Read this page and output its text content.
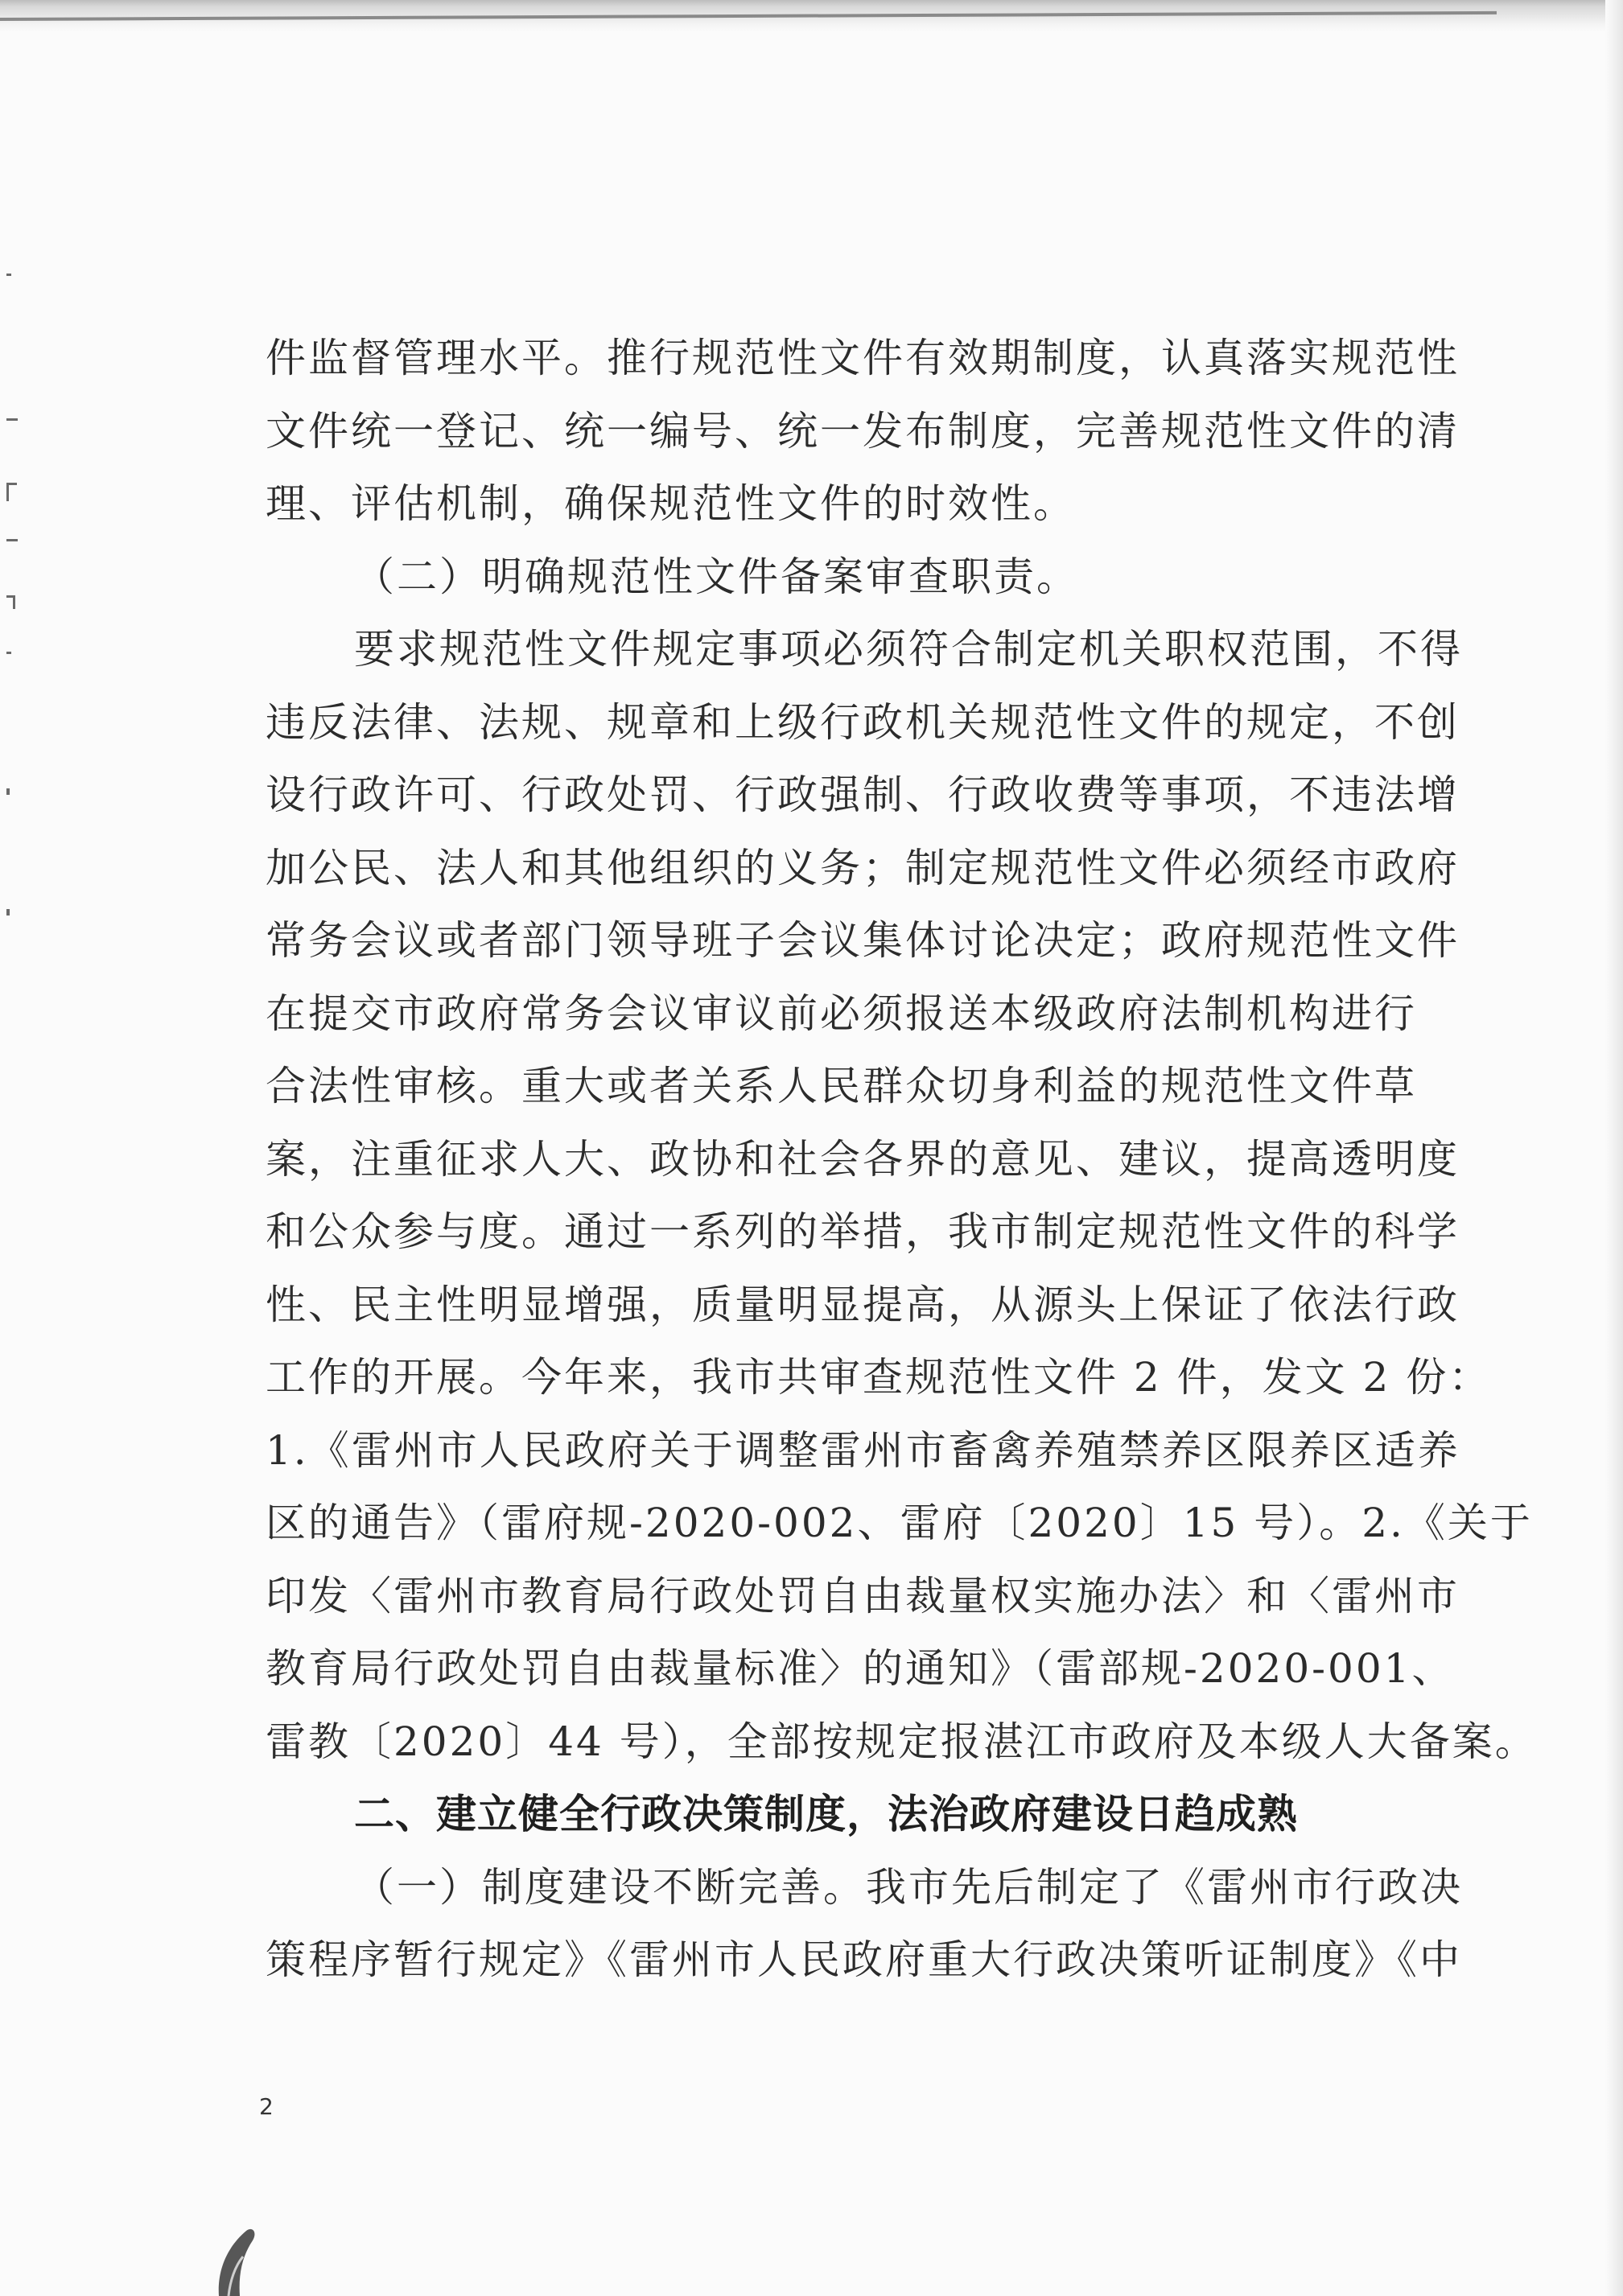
件监督管理水平。推行规范性文件有效期制度，认真落实规范性
文件统一登记、统一编号、统一发布制度，完善规范性文件的清
理、评估机制，确保规范性文件的时效性。
（二）明确规范性文件备案审查职责。
要求规范性文件规定事项必须符合制定机关职权范围，不得
违反法律、法规、规章和上级行政机关规范性文件的规定，不创
设行政许可、行政处罚、行政强制、行政收费等事项，不违法增
加公民、法人和其他组织的义务；制定规范性文件必须经市政府
常务会议或者部门领导班子会议集体讨论决定；政府规范性文件
在提交市政府常务会议审议前必须报送本级政府法制机构进行
合法性审核。重大或者关系人民群众切身利益的规范性文件草
案，注重征求人大、政协和社会各界的意见、建议，提高透明度
和公众参与度。通过一系列的举措，我市制定规范性文件的科学
性、民主性明显增强，质量明显提高，从源头上保证了依法行政
工作的开展。今年来，我市共审查规范性文件 2 件，发文 2 份：
1.《雷州市人民政府关于调整雷州市畜禽养殖禁养区限养区适养
区的通告》（雷府规-2020-002、雷府〔2020〕15 号）。2.《关于
印发〈雷州市教育局行政处罚自由裁量权实施办法〉和〈雷州市
教育局行政处罚自由裁量标准〉的通知》（雷部规-2020-001、
雷教〔2020〕44 号），全部按规定报湛江市政府及本级人大备案。
二、建立健全行政决策制度，法治政府建设日趋成熟
（一）制度建设不断完善。我市先后制定了《雷州市行政决
策程序暂行规定》《雷州市人民政府重大行政决策听证制度》《中
2
